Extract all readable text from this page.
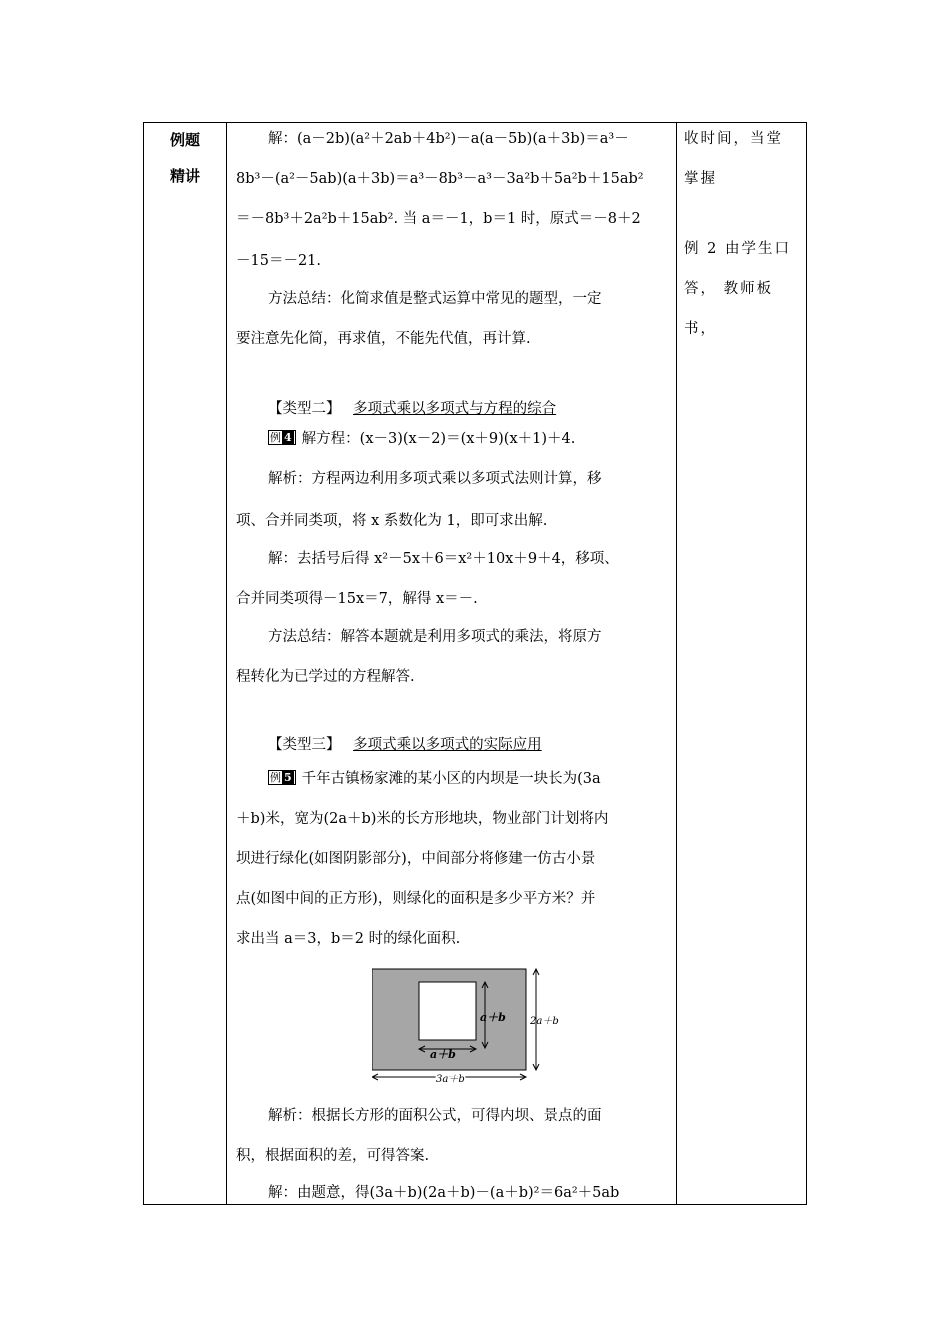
例题
精讲
解：(a－2b)(a²＋2ab＋4b²)－a(a－5b)(a＋3b)＝a³－
8b³－(a²－5ab)(a＋3b)＝a³－8b³－a³－3a²b＋5a²b＋15ab²
＝－8b³＋2a²b＋15ab². 当 a＝－1，b＝1 时，原式＝－8＋2
－15＝－21.
方法总结：化简求值是整式运算中常见的题型，一定
要注意先化简，再求值，不能先代值，再计算.
【类型二】 多项式乘以多项式与方程的综合
例 4 解方程：(x－3)(x－2)＝(x＋9)(x＋1)＋4.
解析：方程两边利用多项式乘以多项式法则计算，移
项、合并同类项，将 x 系数化为 1，即可求出解.
解：去括号后得 x²－5x＋6＝x²＋10x＋9＋4，移项、
合并同类项得－15x＝7，解得 x＝－.
方法总结：解答本题就是利用多项式的乘法，将原方
程转化为已学过的方程解答.
【类型三】 多项式乘以多项式的实际应用
例 5 千年古镇杨家滩的某小区的内坝是一块长为(3a
＋b)米，宽为(2a＋b)米的长方形地块，物业部门计划将内
坝进行绿化(如图阴影部分)，中间部分将修建一仿古小景
点(如图中间的正方形)，则绿化的面积是多少平方米？并
求出当 a＝3，b＝2 时的绿化面积.
a＋b
a＋b
2a＋b
3a＋b
解析：根据长方形的面积公式，可得内坝、景点的面
积，根据面积的差，可得答案.
解：由题意，得(3a＋b)(2a＋b)－(a＋b)²＝6a²＋5ab
收时间，当堂
掌握
例 2 由学生口
答， 教师板
书，
